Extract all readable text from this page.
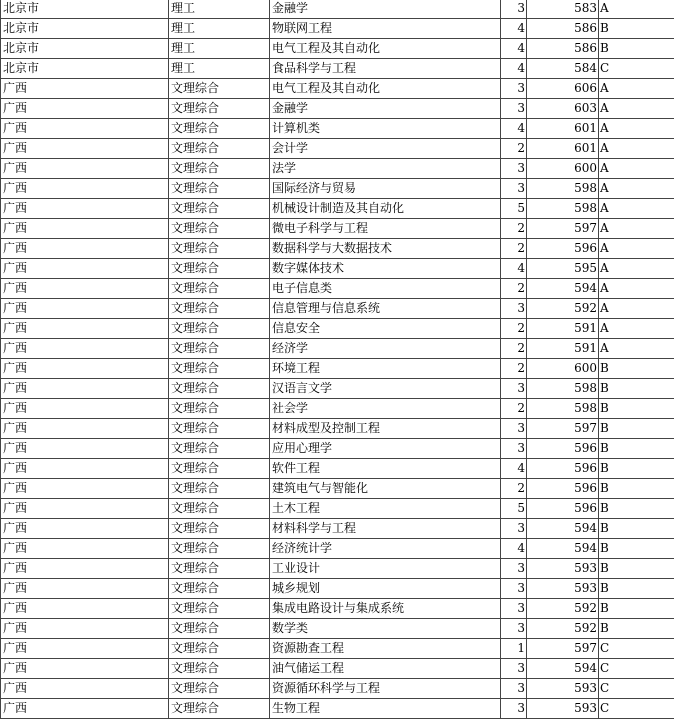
北京市	理工	金融学	3	583	A
北京市	理工	物联网工程	4	586	B
北京市	理工	电气工程及其自动化	4	586	B
北京市	理工	食品科学与工程	4	584	C
广西	文理综合	电气工程及其自动化	3	606	A
广西	文理综合	金融学	3	603	A
广西	文理综合	计算机类	4	601	A
广西	文理综合	会计学	2	601	A
广西	文理综合	法学	3	600	A
广西	文理综合	国际经济与贸易	3	598	A
广西	文理综合	机械设计制造及其自动化	5	598	A
广西	文理综合	微电子科学与工程	2	597	A
广西	文理综合	数据科学与大数据技术	2	596	A
广西	文理综合	数字媒体技术	4	595	A
广西	文理综合	电子信息类	2	594	A
广西	文理综合	信息管理与信息系统	3	592	A
广西	文理综合	信息安全	2	591	A
广西	文理综合	经济学	2	591	A
广西	文理综合	环境工程	2	600	B
广西	文理综合	汉语言文学	3	598	B
广西	文理综合	社会学	2	598	B
广西	文理综合	材料成型及控制工程	3	597	B
广西	文理综合	应用心理学	3	596	B
广西	文理综合	软件工程	4	596	B
广西	文理综合	建筑电气与智能化	2	596	B
广西	文理综合	土木工程	5	596	B
广西	文理综合	材料科学与工程	3	594	B
广西	文理综合	经济统计学	4	594	B
广西	文理综合	工业设计	3	593	B
广西	文理综合	城乡规划	3	593	B
广西	文理综合	集成电路设计与集成系统	3	592	B
广西	文理综合	数学类	3	592	B
广西	文理综合	资源勘查工程	1	597	C
广西	文理综合	油气储运工程	3	594	C
广西	文理综合	资源循环科学与工程	3	593	C
广西	文理综合	生物工程	3	593	C
